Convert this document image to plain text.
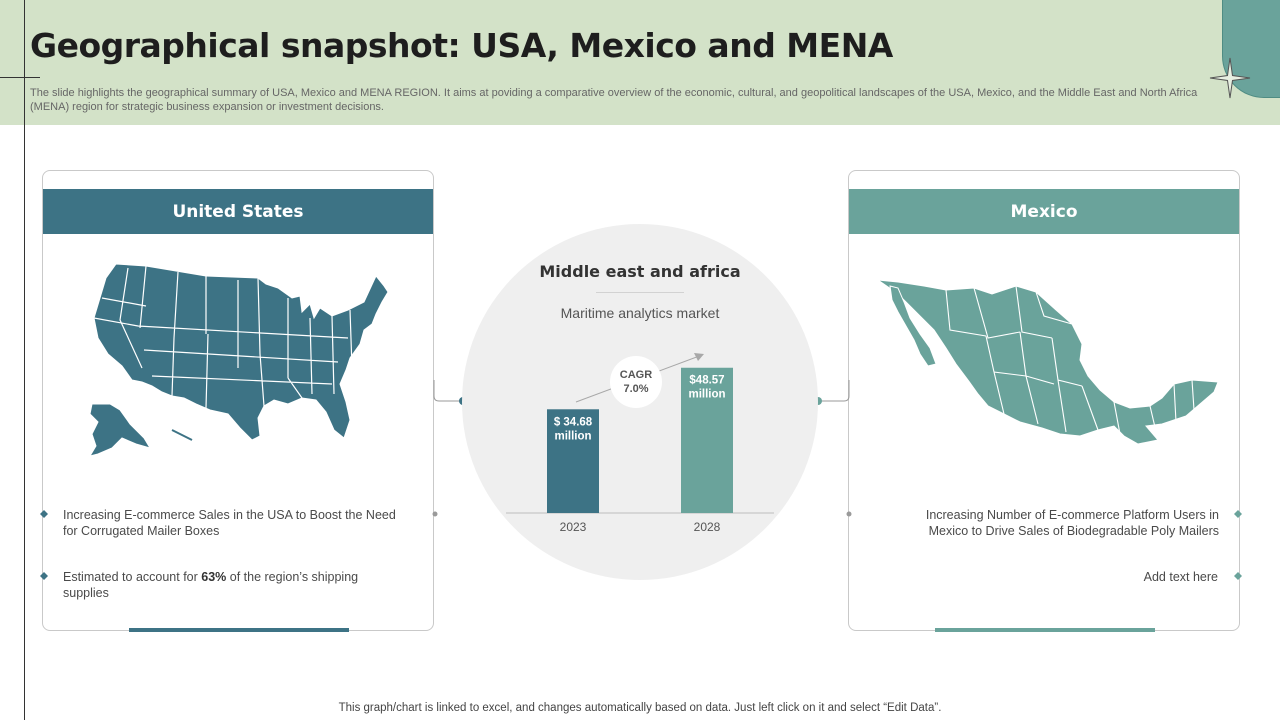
Geographical snapshot: USA, Mexico and MENA
The slide highlights the geographical summary of USA, Mexico and MENA REGION. It aims at poviding a comparative overview of the economic, cultural, and geopolitical landscapes of the USA, Mexico, and the Middle East and North Africa (MENA) region for strategic business expansion or investment decisions.
United States
Increasing E-commerce Sales in the USA to Boost the Need for Corrugated Mailer Boxes
Estimated to account for 63% of the region’s shipping supplies
Mexico
Increasing Number of E-commerce Platform Users in Mexico to Drive Sales of Biodegradable Poly Mailers
Add text here
Middle east and africa
Maritime analytics market
CAGR 7.0%
$ 34.68 million
2023
$48.57 million
2028
This graph/chart is linked to excel, and changes automatically based on data. Just left click on it and select “Edit Data”.
